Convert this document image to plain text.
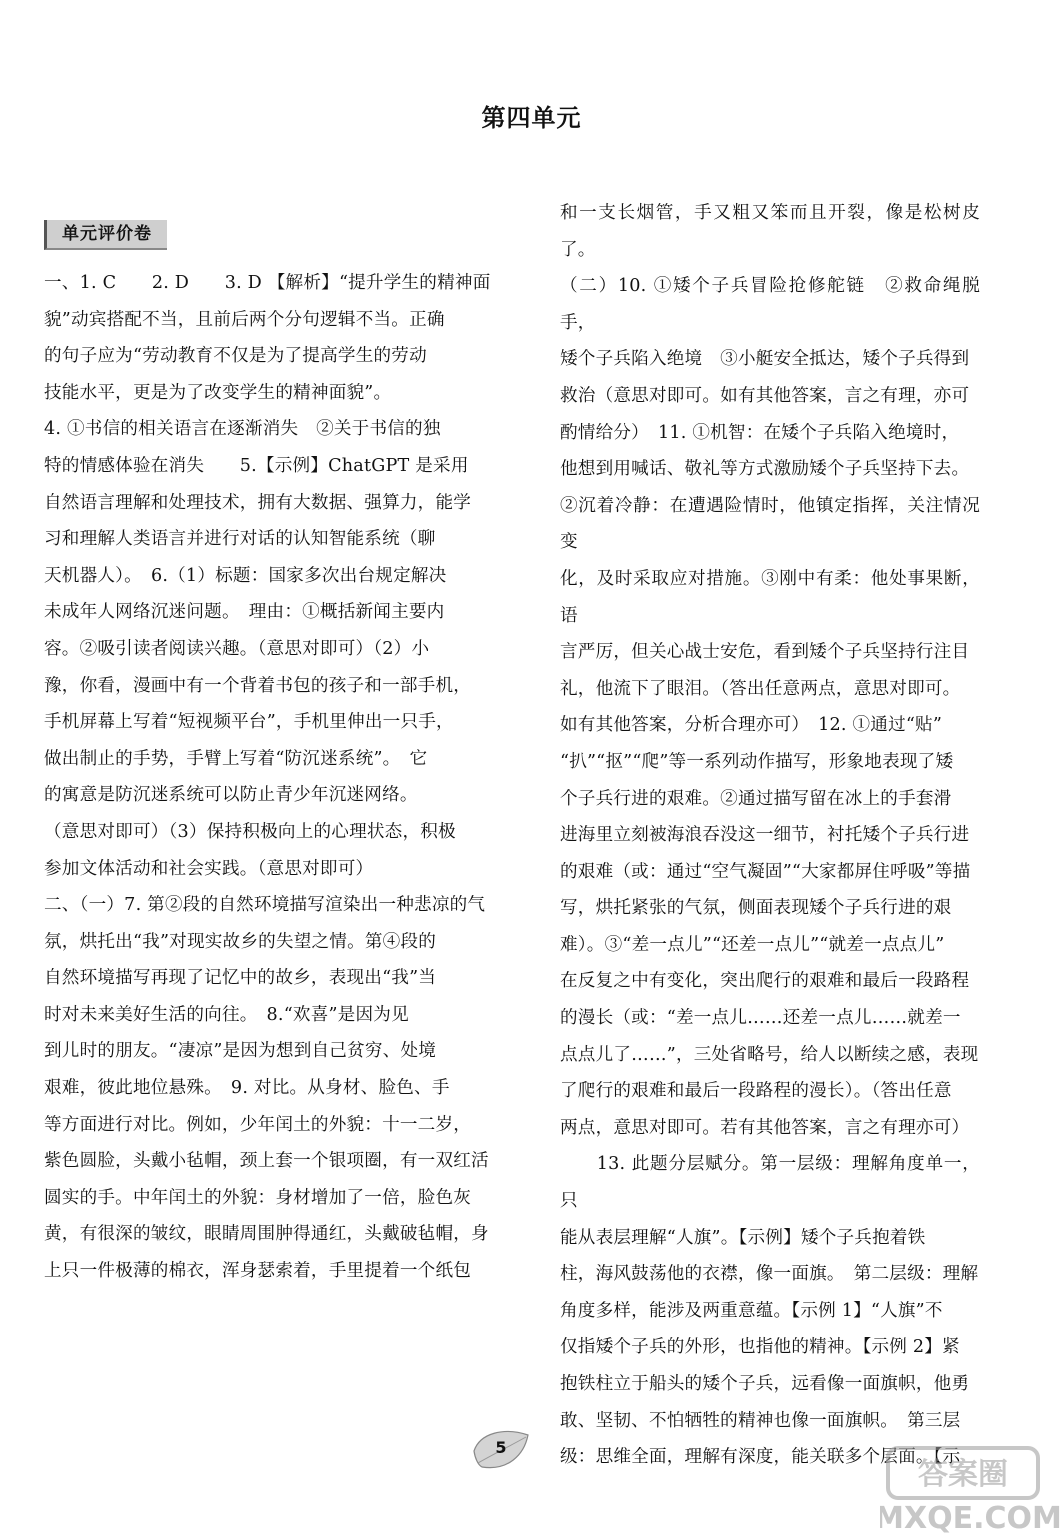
第四单元
单元评价卷

一、1. C　　2. D　　3. D 【解析】“提升学生的精神面

貌”动宾搭配不当，且前后两个分句逻辑不当。正确

的句子应为“劳动教育不仅是为了提高学生的劳动

技能水平，更是为了改变学生的精神面貌”。

4. ①书信的相关语言在逐渐消失　②关于书信的独

特的情感体验在消失　　5.【示例】ChatGPT 是采用

自然语言理解和处理技术，拥有大数据、强算力，能学

习和理解人类语言并进行对话的认知智能系统（聊

天机器人）。　6.（1）标题：国家多次出台规定解决

未成年人网络沉迷问题。　理由：①概括新闻主要内

容。②吸引读者阅读兴趣。（意思对即可）（2）小

豫，你看，漫画中有一个背着书包的孩子和一部手机，

手机屏幕上写着“短视频平台”，手机里伸出一只手，

做出制止的手势，手臂上写着“防沉迷系统”。　它

的寓意是防沉迷系统可以防止青少年沉迷网络。

（意思对即可）（3）保持积极向上的心理状态，积极

参加文体活动和社会实践。（意思对即可）

二、（一）7. 第②段的自然环境描写渲染出一种悲凉的气

氛，烘托出“我”对现实故乡的失望之情。第④段的

自然环境描写再现了记忆中的故乡，表现出“我”当

时对未来美好生活的向往。　8.“欢喜”是因为见

到儿时的朋友。“凄凉”是因为想到自己贫穷、处境

艰难，彼此地位悬殊。　9. 对比。从身材、脸色、手

等方面进行对比。例如，少年闰土的外貌：十一二岁，

紫色圆脸，头戴小毡帽，颈上套一个银项圈，有一双红活

圆实的手。中年闰土的外貌：身材增加了一倍，脸色灰

黄，有很深的皱纹，眼睛周围肿得通红，头戴破毡帽，身

上只一件极薄的棉衣，浑身瑟索着，手里提着一个纸包

和一支长烟管，手又粗又笨而且开裂，像是松树皮了。

（二）10. ①矮个子兵冒险抢修舵链　②救命绳脱手，

矮个子兵陷入绝境　③小艇安全抵达，矮个子兵得到

救治（意思对即可。如有其他答案，言之有理，亦可

酌情给分）　11. ①机智：在矮个子兵陷入绝境时，

他想到用喊话、敬礼等方式激励矮个子兵坚持下去。

②沉着冷静：在遭遇险情时，他镇定指挥，关注情况变

化，及时采取应对措施。③刚中有柔：他处事果断，语

言严厉，但关心战士安危，看到矮个子兵坚持行注目

礼，他流下了眼泪。（答出任意两点，意思对即可。

如有其他答案，分析合理亦可）　12. ①通过“贴”

“扒”“抠”“爬”等一系列动作描写，形象地表现了矮

个子兵行进的艰难。②通过描写留在冰上的手套滑

进海里立刻被海浪吞没这一细节，衬托矮个子兵行进

的艰难（或：通过“空气凝固”“大家都屏住呼吸”等描

写，烘托紧张的气氛，侧面表现矮个子兵行进的艰

难）。③“差一点儿”“还差一点儿”“就差一点点儿”

在反复之中有变化，突出爬行的艰难和最后一段路程

的漫长（或：“差一点儿……还差一点儿……就差一

点点儿了……”，三处省略号，给人以断续之感，表现

了爬行的艰难和最后一段路程的漫长）。（答出任意

两点，意思对即可。若有其他答案，言之有理亦可）

　　13. 此题分层赋分。第一层级：理解角度单一，只

能从表层理解“人旗”。【示例】矮个子兵抱着铁

柱，海风鼓荡他的衣襟，像一面旗。　第二层级：理解

角度多样，能涉及两重意蕴。【示例 1】“人旗”不

仅指矮个子兵的外形，也指他的精神。【示例 2】紧

抱铁柱立于船头的矮个子兵，远看像一面旗帜，他勇

敢、坚韧、不怕牺牲的精神也像一面旗帜。　第三层

级：思维全面，理解有深度，能关联多个层面。【示

5
答案圈
MXQE.COM
